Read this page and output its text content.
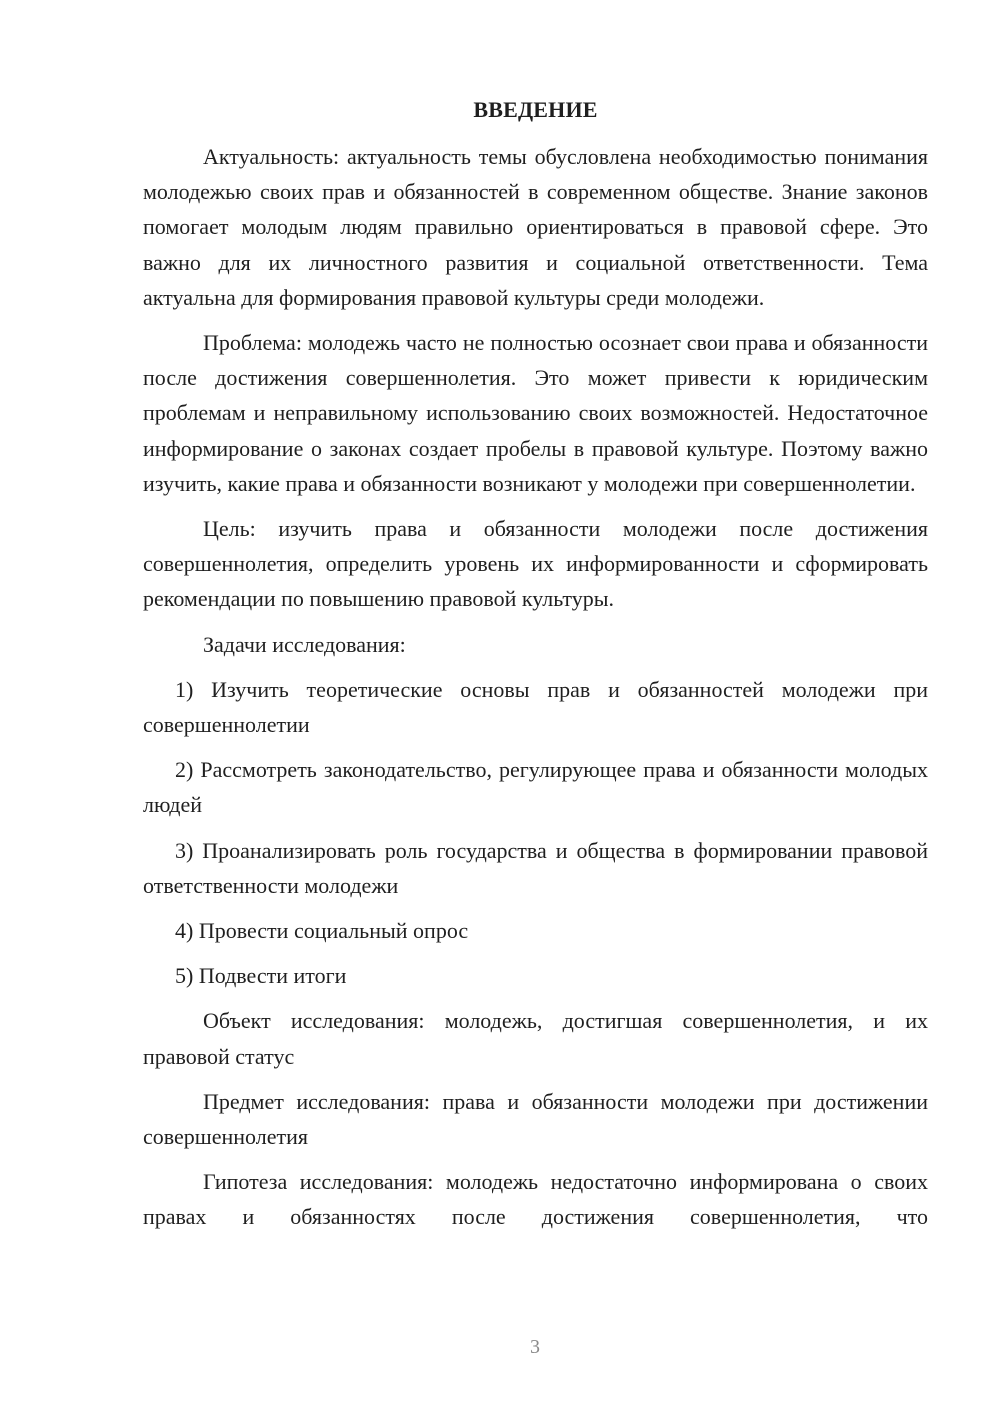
ВВЕДЕНИЕ

Актуальность: актуальность темы обусловлена необходимостью понимания молодежью своих прав и обязанностей в современном обществе. Знание законов помогает молодым людям правильно ориентироваться в правовой сфере. Это важно для их личностного развития и социальной ответственности. Тема актуальна для формирования правовой культуры среди молодежи.

Проблема: молодежь часто не полностью осознает свои права и обязанности после достижения совершеннолетия. Это может привести к юридическим проблемам и неправильному использованию своих возможностей. Недостаточное информирование о законах создает пробелы в правовой культуре. Поэтому важно изучить, какие права и обязанности возникают у молодежи при совершеннолетии.

Цель: изучить права и обязанности молодежи после достижения совершеннолетия, определить уровень их информированности и сформировать рекомендации по повышению правовой культуры.

Задачи исследования:

1) Изучить теоретические основы прав и обязанностей молодежи при совершеннолетии

2) Рассмотреть законодательство, регулирующее права и обязанности молодых людей

3) Проанализировать роль государства и общества в формировании правовой ответственности молодежи

4) Провести социальный опрос

5) Подвести итоги

Объект исследования: молодежь, достигшая совершеннолетия, и их правовой статус

Предмет исследования: права и обязанности молодежи при достижении совершеннолетия

Гипотеза исследования: молодежь недостаточно информирована о своих правах и обязанностях после достижения совершеннолетия, что

3
